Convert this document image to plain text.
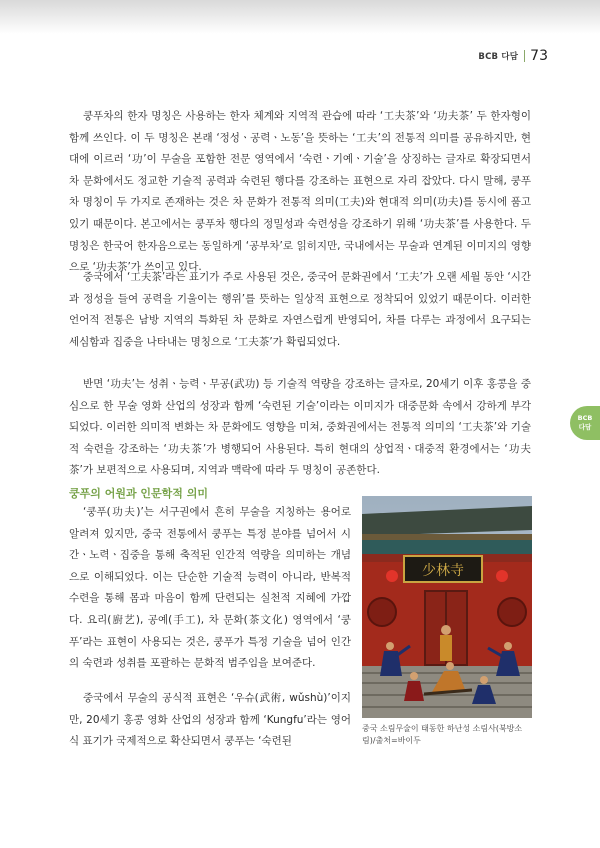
BCB 다담 73
BCB
다담

쿵푸차의 한자 명칭은 사용하는 한자 체계와 지역적 관습에 따라 ‘工夫茶’와 ‘功夫茶’ 두 한자형이 함께 쓰인다. 이 두 명칭은 본래 ‘정성ㆍ공력ㆍ노동’을 뜻하는 ‘工夫’의 전통적 의미를 공유하지만, 현대에 이르러 ‘功’이 무술을 포함한 전문 영역에서 ‘숙련ㆍ기예ㆍ기술’을 상징하는 글자로 확장되면서 차 문화에서도 정교한 기술적 공력과 숙련된 행다를 강조하는 표현으로 자리 잡았다. 다시 말해, 쿵푸차 명칭이 두 가지로 존재하는 것은 차 문화가 전통적 의미(工夫)와 현대적 의미(功夫)를 동시에 품고 있기 때문이다. 본고에서는 쿵푸차 행다의 정밀성과 숙련성을 강조하기 위해 ‘功夫茶’를 사용한다. 두 명칭은 한국어 한자음으로는 동일하게 ‘공부차’로 읽히지만, 국내에서는 무술과 연계된 이미지의 영향으로 ‘功夫茶’가 쓰이고 있다.

중국에서 ‘工夫茶’라는 표기가 주로 사용된 것은, 중국어 문화권에서 ‘工夫’가 오랜 세월 동안 ‘시간과 정성을 들여 공력을 기울이는 행위’를 뜻하는 일상적 표현으로 정착되어 있었기 때문이다. 이러한 언어적 전통은 남방 지역의 특화된 차 문화로 자연스럽게 반영되어, 차를 다루는 과정에서 요구되는 세심함과 집중을 나타내는 명칭으로 ‘工夫茶’가 확립되었다.

반면 ‘功夫’는 성취ㆍ능력ㆍ무공(武功) 등 기술적 역량을 강조하는 글자로, 20세기 이후 홍콩을 중심으로 한 무술 영화 산업의 성장과 함께 ‘숙련된 기술’이라는 이미지가 대중문화 속에서 강하게 부각되었다. 이러한 의미적 변화는 차 문화에도 영향을 미쳐, 중화권에서는 전통적 의미의 ‘工夫茶’와 기술적 숙련을 강조하는 ‘功夫茶’가 병행되어 사용된다. 특히 현대의 상업적ㆍ대중적 환경에서는 ‘功夫茶’가 보편적으로 사용되며, 지역과 맥락에 따라 두 명칭이 공존한다.

쿵푸의 어원과 인문학적 의미

‘쿵푸(功夫)’는 서구권에서 흔히 무술을 지칭하는 용어로 알려져 있지만, 중국 전통에서 쿵푸는 특정 분야를 넘어서 시간ㆍ노력ㆍ집중을 통해 축적된 인간적 역량을 의미하는 개념으로 이해되었다. 이는 단순한 기술적 능력이 아니라, 반복적 수련을 통해 몸과 마음이 함께 단련되는 실천적 지혜에 가깝다. 요리(廚艺), 공예(手工), 차 문화(茶文化) 영역에서 ‘쿵푸’라는 표현이 사용되는 것은, 쿵푸가 특정 기술을 넘어 인간의 숙련과 성취를 포괄하는 문화적 범주임을 보여준다.

중국에서 무술의 공식적 표현은 ‘우슈(武術, wǔshù)’이지만, 20세기 홍콩 영화 산업의 성장과 함께 ‘Kungfu’라는 영어식 표기가 국제적으로 확산되면서 쿵푸는 ‘숙련된

少林寺

중국 소림무술이 태동한 하난성 소림사(북방소림)/출처=바이두
